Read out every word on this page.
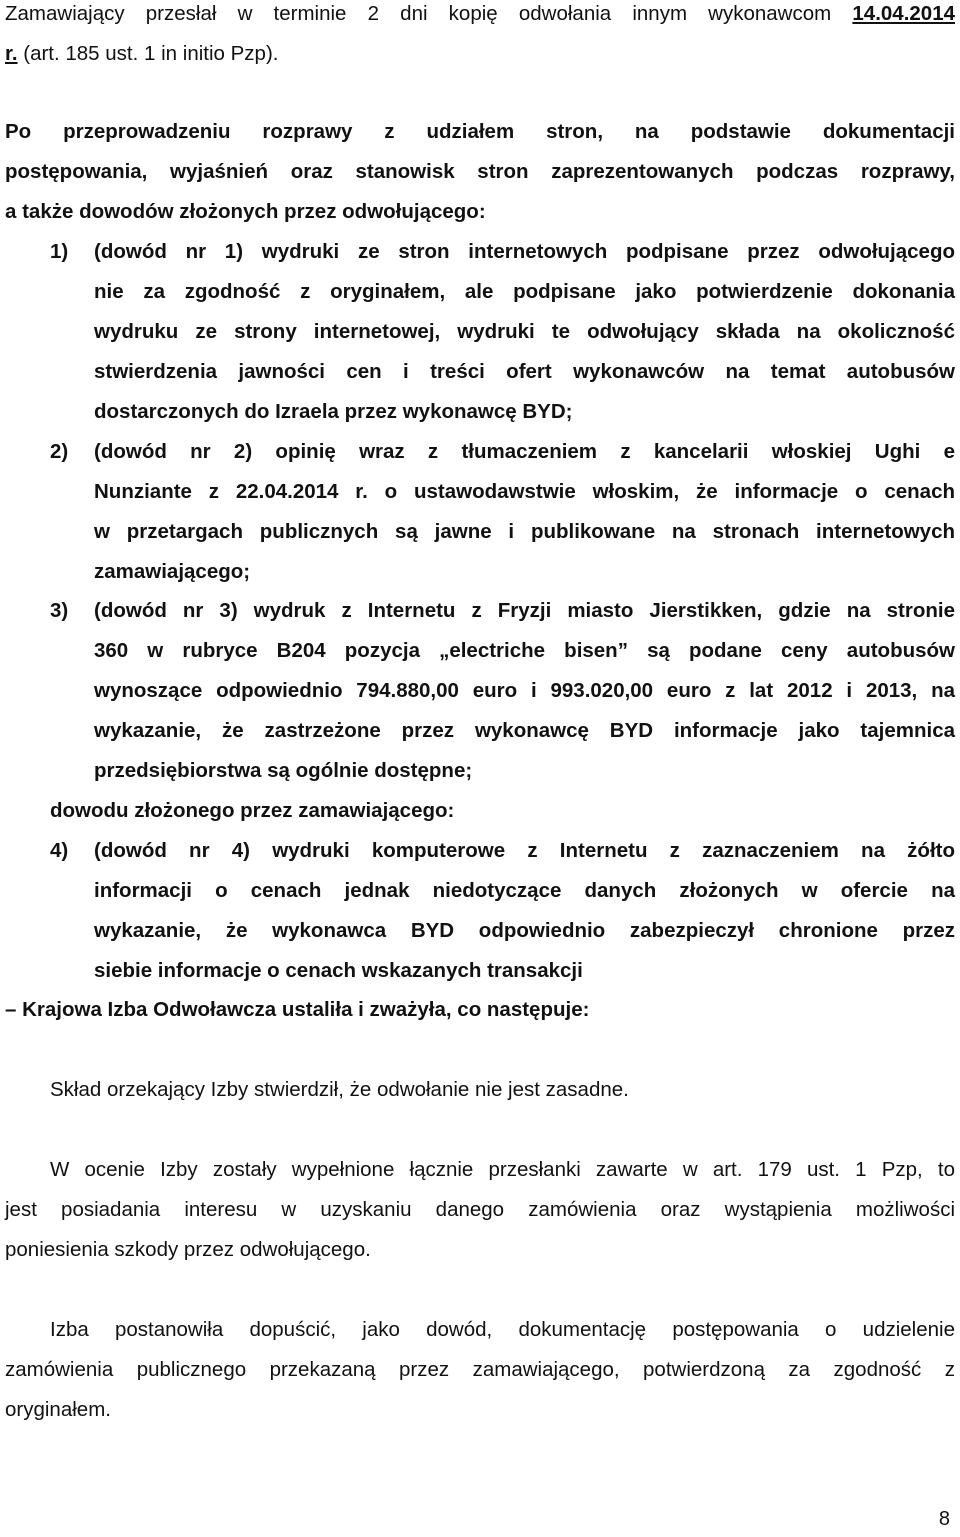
Zamawiający przesłał w terminie 2 dni kopię odwołania innym wykonawcom 14.04.2014

r. (art. 185 ust. 1 in initio Pzp).

Po przeprowadzeniu rozprawy z udziałem stron, na podstawie dokumentacji

postępowania, wyjaśnień oraz stanowisk stron zaprezentowanych podczas rozprawy,

a także dowodów złożonych przez odwołującego:

1) (dowód nr 1) wydruki ze stron internetowych podpisane przez odwołującego
nie za zgodność z oryginałem, ale podpisane jako potwierdzenie dokonania
wydruku ze strony internetowej, wydruki te odwołujący składa na okoliczność
stwierdzenia jawności cen i treści ofert wykonawców na temat autobusów
dostarczonych do Izraela przez wykonawcę BYD;
2) (dowód nr 2) opinię wraz z tłumaczeniem z kancelarii włoskiej Ughi e
Nunziante z 22.04.2014 r. o ustawodawstwie włoskim, że informacje o cenach
w przetargach publicznych są jawne i publikowane na stronach internetowych
zamawiającego;
3) (dowód nr 3) wydruk z Internetu z Fryzji miasto Jierstikken, gdzie na stronie
360 w rubryce B204 pozycja „electriche bisen” są podane ceny autobusów
wynoszące odpowiednio 794.880,00 euro i 993.020,00 euro z lat 2012 i 2013, na
wykazanie, że zastrzeżone przez wykonawcę BYD informacje jako tajemnica
przedsiębiorstwa są ogólnie dostępne;

dowodu złożonego przez zamawiającego:

4) (dowód nr 4) wydruki komputerowe z Internetu z zaznaczeniem na żółto
informacji o cenach jednak niedotyczące danych złożonych w ofercie na
wykazanie, że wykonawca BYD odpowiednio zabezpieczył chronione przez
siebie informacje o cenach wskazanych transakcji

– Krajowa Izba Odwoławcza ustaliła i zważyła, co następuje:

Skład orzekający Izby stwierdził, że odwołanie nie jest zasadne.

W ocenie Izby zostały wypełnione łącznie przesłanki zawarte w art. 179 ust. 1 Pzp, to

jest posiadania interesu w uzyskaniu danego zamówienia oraz wystąpienia możliwości

poniesienia szkody przez odwołującego.

Izba postanowiła dopuścić, jako dowód, dokumentację postępowania o udzielenie

zamówienia publicznego przekazaną przez zamawiającego, potwierdzoną za zgodność z

oryginałem.

8
